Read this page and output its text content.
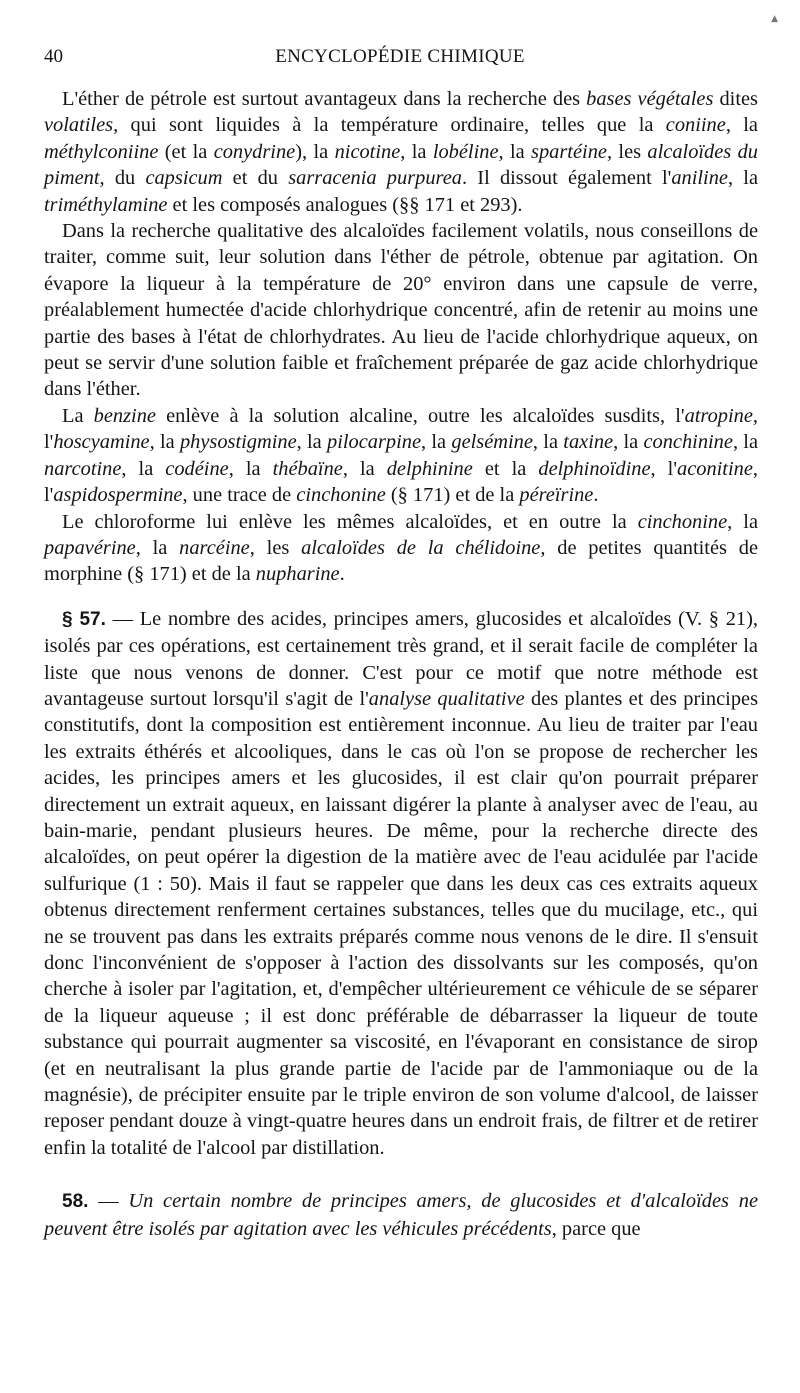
▲
40	ENCYCLOPÉDIE CHIMIQUE

L'éther de pétrole est surtout avantageux dans la recherche des bases végétales dites volatiles, qui sont liquides à la température ordinaire, telles que la coniine, la méthylconiine (et la conydrine), la nicotine, la lobéline, la spartéine, les alcaloïdes du piment, du capsicum et du sarracenia purpurea. Il dissout également l'aniline, la triméthylamine et les composés analogues (§§ 171 et 293).

Dans la recherche qualitative des alcaloïdes facilement volatils, nous conseillons de traiter, comme suit, leur solution dans l'éther de pétrole, obtenue par agitation. On évapore la liqueur à la température de 20° environ dans une capsule de verre, préalablement humectée d'acide chlorhydrique concentré, afin de retenir au moins une partie des bases à l'état de chlorhydrates. Au lieu de l'acide chlorhydrique aqueux, on peut se servir d'une solution faible et fraîchement préparée de gaz acide chlorhydrique dans l'éther.

La benzine enlève à la solution alcaline, outre les alcaloïdes susdits, l'atropine, l'hoscyamine, la physostigmine, la pilocarpine, la gelsémine, la taxine, la conchinine, la narcotine, la codéine, la thébaïne, la delphinine et la delphinoïdine, l'aconitine, l'aspidospermine, une trace de cinchonine (§ 171) et de la péreïrine.

Le chloroforme lui enlève les mêmes alcaloïdes, et en outre la cinchonine, la papavérine, la narcéine, les alcaloïdes de la chélidoine, de petites quantités de morphine (§ 171) et de la nupharine.

§ 57. — Le nombre des acides, principes amers, glucosides et alcaloïdes (V. § 21), isolés par ces opérations, est certainement très grand, et il serait facile de compléter la liste que nous venons de donner. C'est pour ce motif que notre méthode est avantageuse surtout lorsqu'il s'agit de l'analyse qualitative des plantes et des principes constitutifs, dont la composition est entièrement inconnue. Au lieu de traiter par l'eau les extraits éthérés et alcooliques, dans le cas où l'on se propose de rechercher les acides, les principes amers et les glucosides, il est clair qu'on pourrait préparer directement un extrait aqueux, en laissant digérer la plante à analyser avec de l'eau, au bain-marie, pendant plusieurs heures. De même, pour la recherche directe des alcaloïdes, on peut opérer la digestion de la matière avec de l'eau acidulée par l'acide sulfurique (1 : 50). Mais il faut se rappeler que dans les deux cas ces extraits aqueux obtenus directement renferment certaines substances, telles que du mucilage, etc., qui ne se trouvent pas dans les extraits préparés comme nous venons de le dire. Il s'ensuit donc l'inconvénient de s'opposer à l'action des dissolvants sur les composés, qu'on cherche à isoler par l'agitation, et, d'empêcher ultérieurement ce véhicule de se séparer de la liqueur aqueuse ; il est donc préférable de débarrasser la liqueur de toute substance qui pourrait augmenter sa viscosité, en l'évaporant en consistance de sirop (et en neutralisant la plus grande partie de l'acide par de l'ammoniaque ou de la magnésie), de précipiter ensuite par le triple environ de son volume d'alcool, de laisser reposer pendant douze à vingt-quatre heures dans un endroit frais, de filtrer et de retirer enfin la totalité de l'alcool par distillation.

58. — Un certain nombre de principes amers, de glucosides et d'alcaloïdes ne peuvent être isolés par agitation avec les véhicules précédents, parce que
